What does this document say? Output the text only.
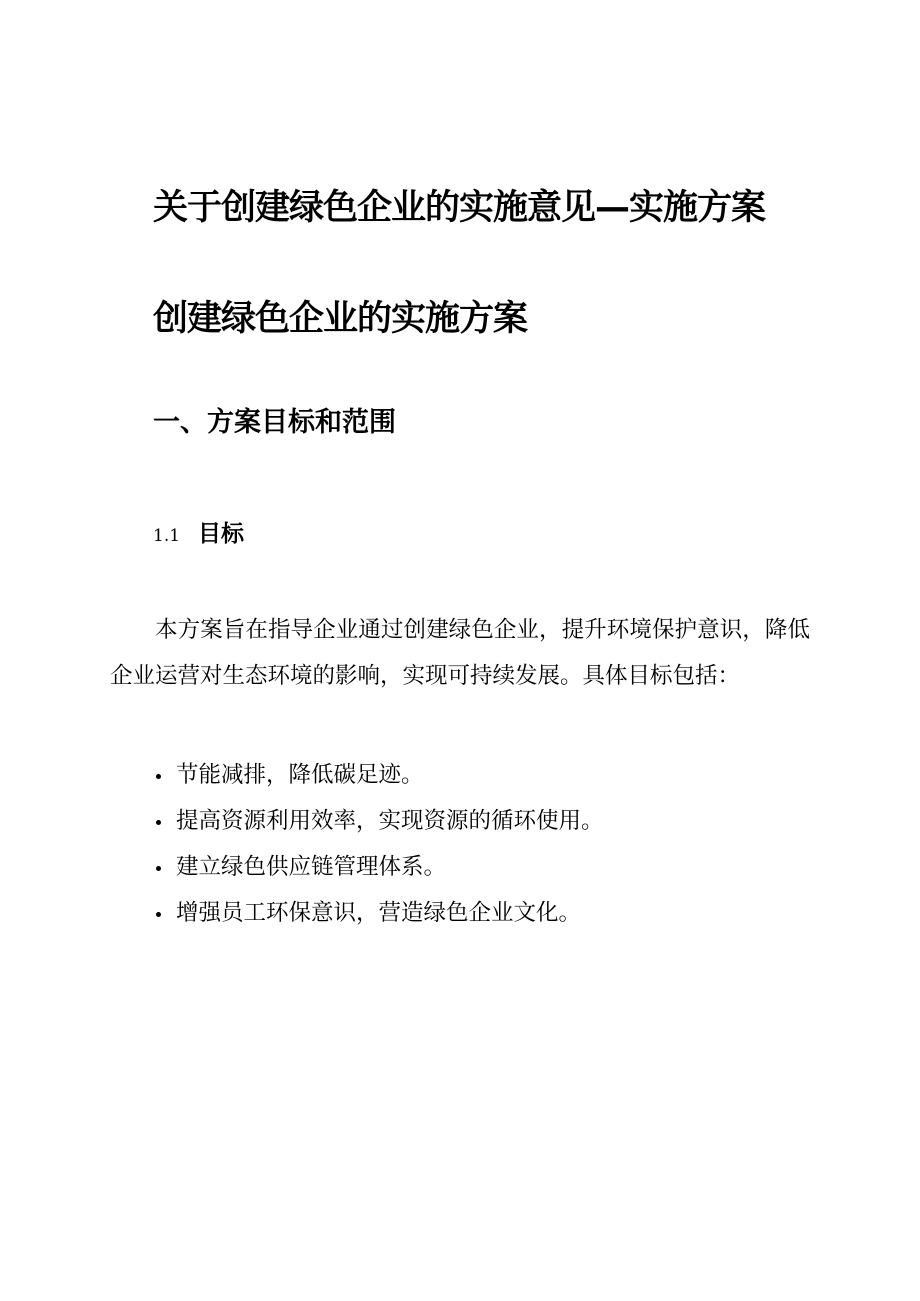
关于创建绿色企业的实施意见—实施方案
创建绿色企业的实施方案
一、方案目标和范围
1.1 目标

本方案旨在指导企业通过创建绿色企业，提升环境保护意识，降低企业运营对生态环境的影响，实现可持续发展。具体目标包括：

节能减排，降低碳足迹。
提高资源利用效率，实现资源的循环使用。
建立绿色供应链管理体系。
增强员工环保意识，营造绿色企业文化。
